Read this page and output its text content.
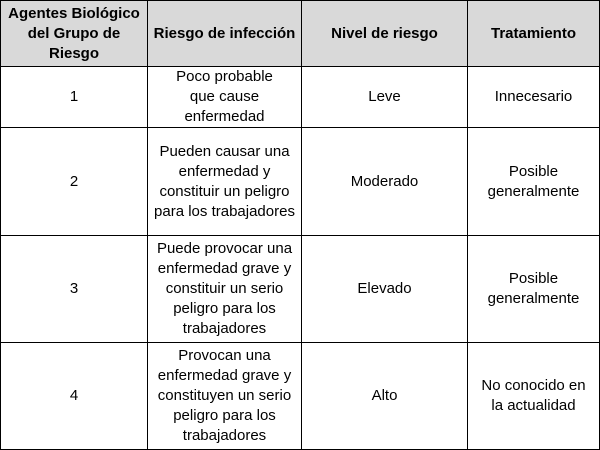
Agentes Biológico del Grupo de Riesgo	Riesgo de infección	Nivel de riesgo	Tratamiento
1	Poco probable que cause enfermedad	Leve	Innecesario
2	Pueden causar una enfermedad y constituir un peligro para los trabajadores	Moderado	Posible generalmente
3	Puede provocar una enfermedad grave y constituir un serio peligro para los trabajadores	Elevado	Posible generalmente
4	Provocan una enfermedad grave y constituyen un serio peligro para los trabajadores	Alto	No conocido en la actualidad
